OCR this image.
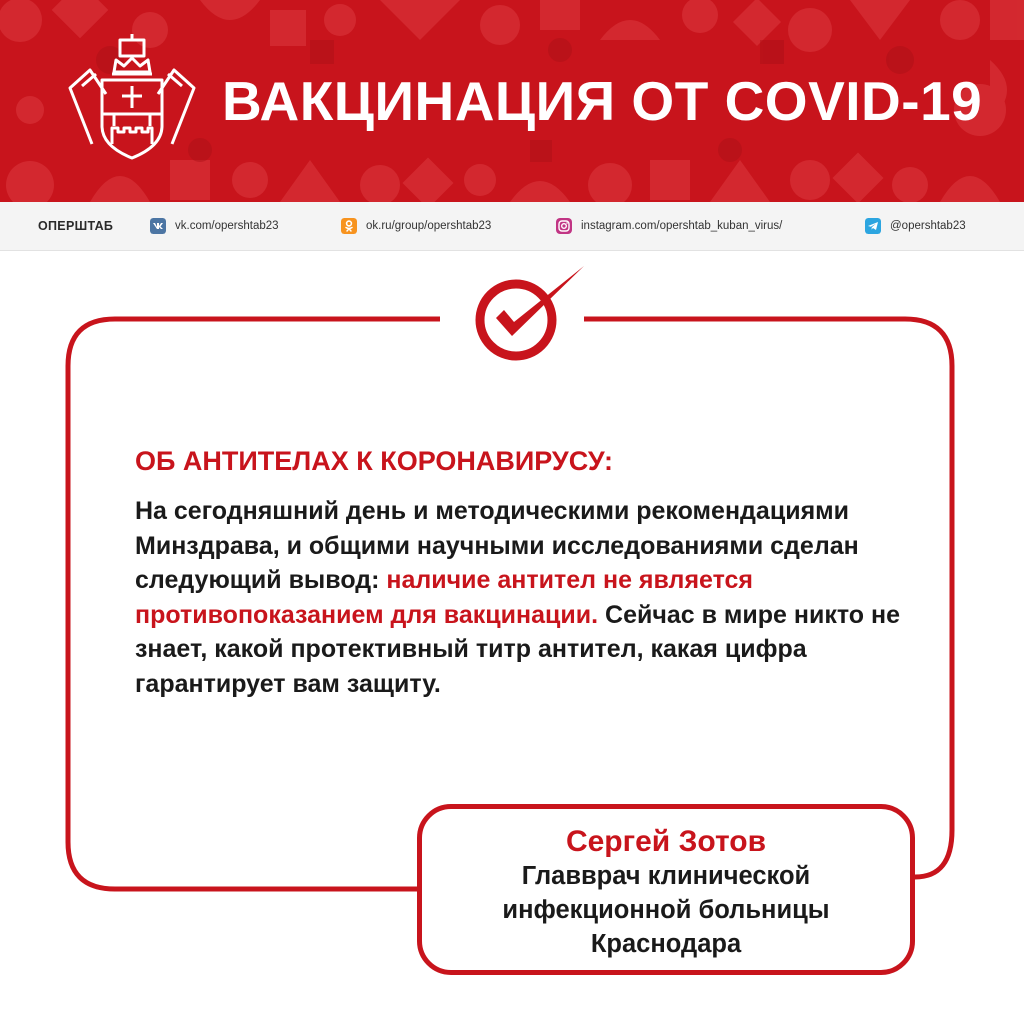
ВАКЦИНАЦИЯ ОТ COVID-19
ОПЕРШТАБ	vk.com/opershtab23	ok.ru/group/opershtab23	instagram.com/opershtab_kuban_virus/	@opershtab23
ОБ АНТИТЕЛАХ К КОРОНАВИРУСУ:
На сегодняшний день и методическими рекомендациями Минздрава, и общими научными исследованиями сделан следующий вывод: наличие антител не является противопоказанием для вакцинации. Сейчас в мире никто не знает, какой протективный титр антител, какая цифра гарантирует вам защиту.
Сергей Зотов
Главврач клинической
инфекционной больницы
Краснодара
